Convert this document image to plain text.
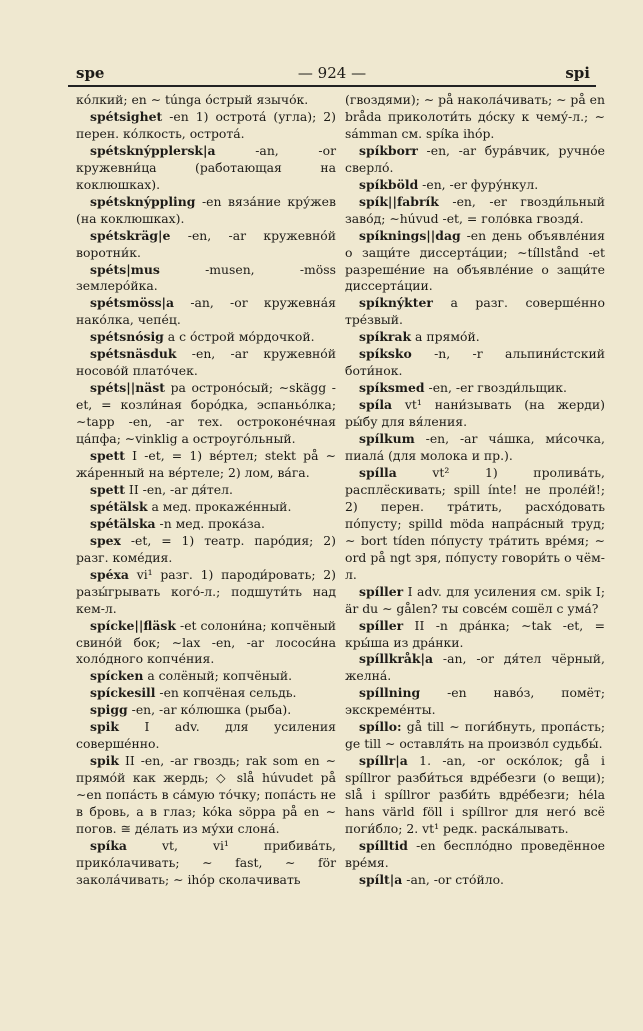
spe	— 924 —	spi

ко́лкий; en ∼ túnga о́стрый язычо́к.

spétsighet -en 1) острота́ (угла); 2) перен. ко́лкость, острота́.

spétsknýpplersk|a -an, -or кружевни́ца (работающая на коклюшках).

spétsknýppling -en вяза́ние кру́жев (на коклюшках).

spétskräg|e -en, -ar кружевно́й воротни́к.

spéts|mus -musen, -möss землеро́йка.

spétsmöss|a -an, -or кружевна́я нако́лка, чепе́ц.

spétsnósig a с о́строй мо́рдочкой.

spétsnäsduk -en, -ar кружевно́й носово́й плато́чек.

spéts||näst pa остроно́сый; ∼skägg -et, = козли́ная боро́дка, эспаньо́лка; ∼tapp -en, -ar тех. остроконе́чная ца́пфа; ∼vinklig a остроуго́льный.

spett I -et, = 1) ве́ртел; stekt på ∼ жа́ренный на ве́ртеле; 2) лом, ва́га.

spett II -en, -ar дя́тел.

spétälsk a мед. прокаже́нный.

spétälska -n мед. прока́за.

spex -et, = 1) театр. паро́дия; 2) разг. коме́дия.

spéxa vi¹ разг. 1) пароди́ровать; 2) разы́грывать кого́-л.; подшути́ть над кем-л.

spícke||fläsk -et солони́на; копчёный свино́й бок; ∼lax -en, -ar лососи́на холо́дного копче́ния.

spícken a солёный; копчёный.

spíckesill -en копчёная сельдь.

spigg -en, -ar ко́люшка (рыба).

spik I adv. для усиления соверше́нно.

spik II -en, -ar гвоздь; rak som en ∼ прямо́й как жердь; ◇ slå húvudet på ∼en попа́сть в са́мую то́чку; попа́сть не в бровь, а в глаз; kóka söppa på en ∼ погов. ≅ де́лать из му́хи слона́.

spíka vt, vi¹ прибива́ть, прико́лачивать; ∼ fast, ∼ för закола́чивать; ∼ ihóp сколачивать

(гвоздями); ∼ på накола́чивать; ∼ på en bråda приколоти́ть до́ску к чему́-л.; ∼ sámman см. spíka ihóp.

spíkborr -en, -ar бура́вчик, ручно́е сверло́.

spíkböld -en, -er фуру́нкул.

spík||fabrík -en, -er гвозди́льный заво́д; ∼húvud -et, = голо́вка гвоздя́.

spíknings||dag -en день объявле́ния о защи́те диссерта́ции; ∼tíllstånd -et разреше́ние на объявле́ние о защи́те диссерта́ции.

spíknýkter a разг. соверше́нно тре́звый.

spíkrak a прямо́й.

spíksko -n, -r альпини́стский боти́нок.

spíksmed -en, -er гвозди́льщик.

spíla vt¹ нани́зывать (на жерди) ры́бу для вя́ления.

spílkum -en, -ar ча́шка, ми́сочка, пиала́ (для молока и пр.).

spílla vt² 1) пролива́ть, расплёскивать; spill ínte! не проле́й!; 2) перен. тра́тить, расхо́довать по́пусту; spilld möda напра́сный труд; ∼ bort tíden по́пусту тра́тить вре́мя; ∼ ord på ngt зря, по́пусту говори́ть о чём-л.

spíller I adv. для усиления см. spik I; är du ∼ gålen? ты совсе́м сошёл с ума́?

spíller II -n дра́нка; ∼tak -et, = кры́ша из дра́нки.

spíllkråk|a -an, -or дя́тел чёрный, желна́.

spíllning -en наво́з, помёт; экскреме́нты.

spíllo: gå till ∼ поги́бнуть, пропа́сть; ge till ∼ оставля́ть на произво́л судьбы́.

spíllr|a 1. -an, -or оско́лок; gå i spíllror разби́ться вдре́безги (о вещи); slå i spíllror разби́ть вдре́безги; héla hans värld föll i spíllror для него́ всё поги́бло; 2. vt¹ редк. раска́лывать.

spílltid -en беспло́дно проведённое вре́мя.

spílt|a -an, -or сто́йло.
